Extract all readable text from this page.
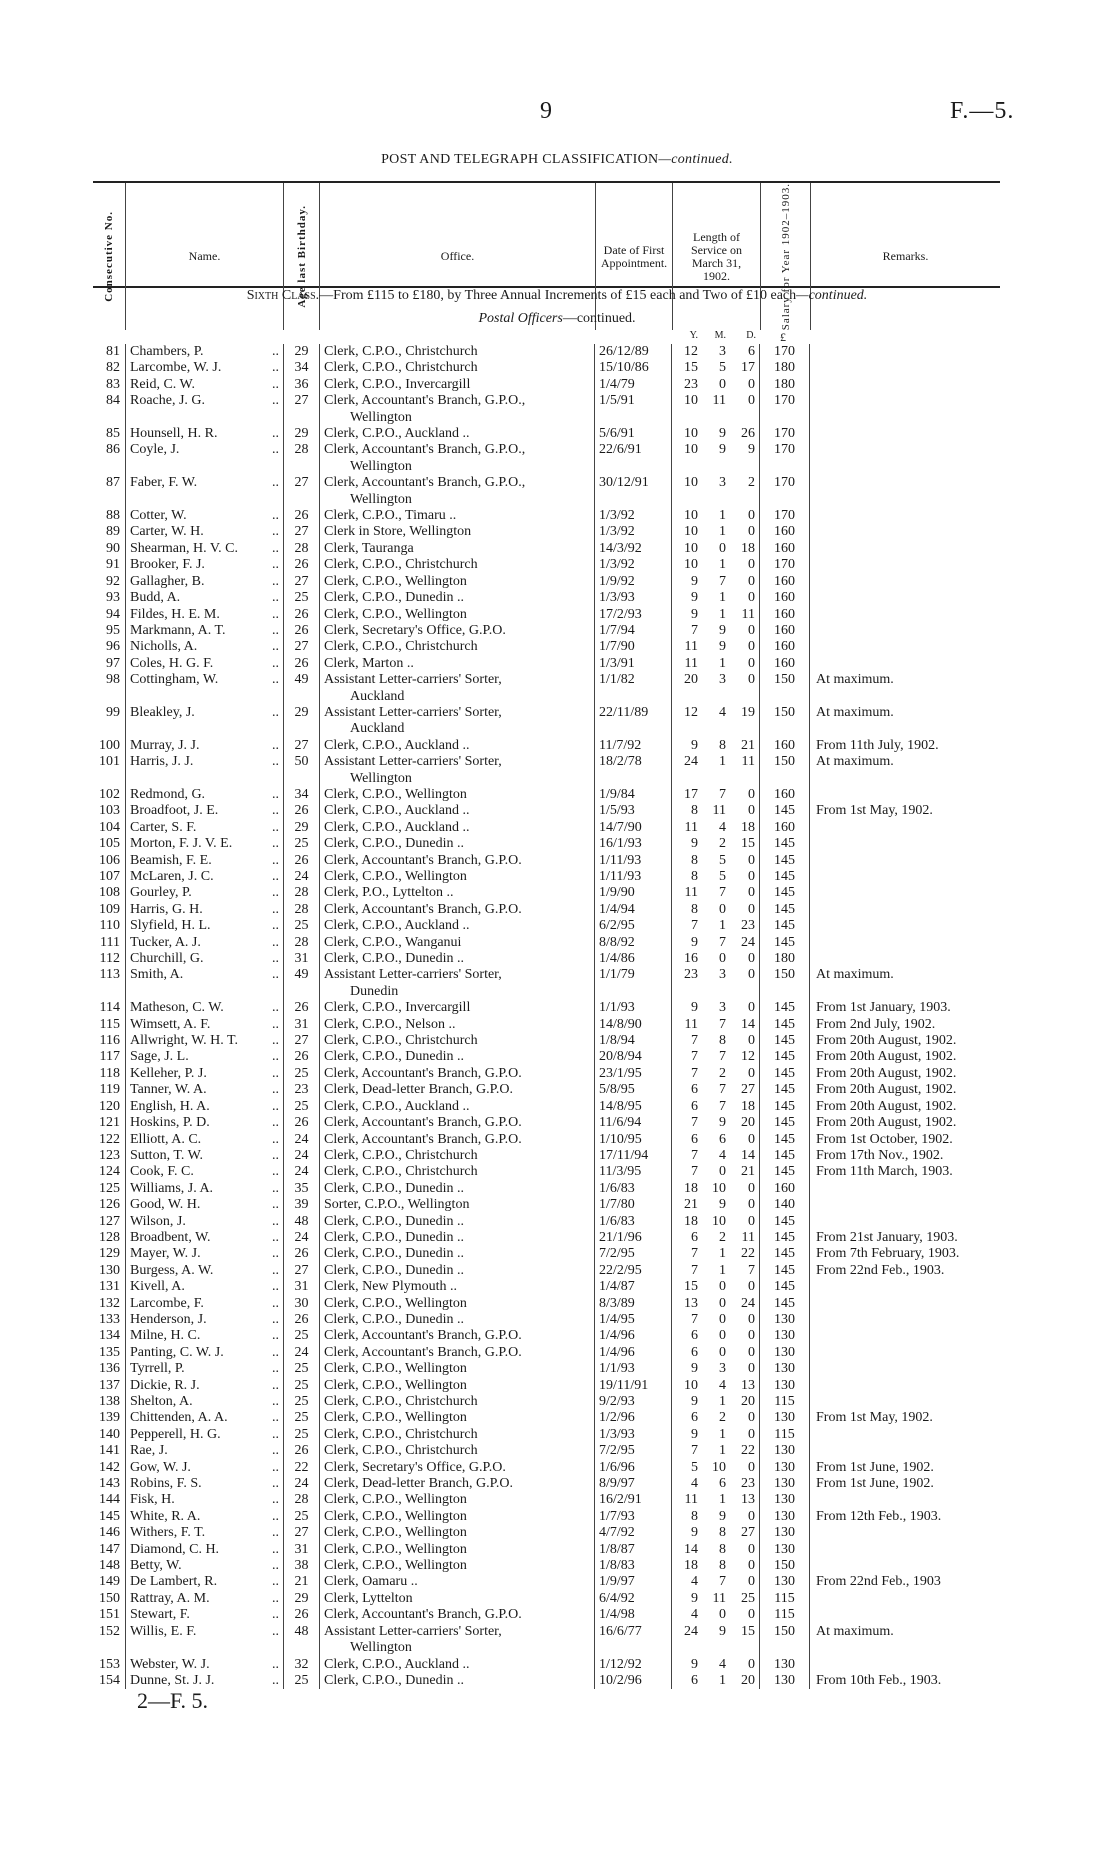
9	F.—5.
POST AND TELEGRAPH CLASSIFICATION—continued.
Consecutive No.	Name.	Age last Birthday.	Office.	Date of First Appointment.
Length of Service on March 31, 1902.	Salary for Year 1902–1903.	Remarks.
Sixth Class.—From £115 to £180, by Three Annual Increments of £15 each and Two of £10 each—continued.
Postal Officers—continued.
Y.	M.	D.	£
81 Chambers, P.	..	29	Clerk, C.P.O., Christchurch	26/12/89	12	3	6	170
82 Larcombe, W. J.	..	34	Clerk, C.P.O., Christchurch	15/10/86	15	5	17	180
83 Reid, C. W.	..	36	Clerk, C.P.O., Invercargill	1/4/79	23	0	0	180
84 Roache, J. G.	..	27	Clerk, Accountant's Branch, G.P.O.,
Wellington
1/5/91	10	11	0	170
85 Hounsell, H. R.	..	29	Clerk, C.P.O., Auckland ..	5/6/91	10	9	26	170
86 Coyle, J.	..	28	Clerk, Accountant's Branch, G.P.O.,
Wellington
22/6/91	10	9	9	170
87 Faber, F. W.	..	27	Clerk, Accountant's Branch, G.P.O.,
Wellington
30/12/91	10	3	2	170
88 Cotter, W.	..	26	Clerk, C.P.O., Timaru ..	1/3/92	10	1	0	170
89 Carter, W. H.	..	27	Clerk in Store, Wellington	1/3/92	10	1	0	160
90 Shearman, H. V. C. ..	28	Clerk, Tauranga	14/3/92	10	0	18	160
91 Brooker, F. J.	..	26	Clerk, C.P.O., Christchurch	1/3/92	10	1	0	170
92 Gallagher, B.	..	27	Clerk, C.P.O., Wellington	1/9/92	9	7	0	160
93 Budd, A.	..	25	Clerk, C.P.O., Dunedin ..	1/3/93	9	1	0	160
94 Fildes, H. E. M.	..	26	Clerk, C.P.O., Wellington	17/2/93	9	1	11	160
95 Markmann, A. T.	..	26	Clerk, Secretary's Office, G.P.O.	1/7/94	7	9	0	160
96 Nicholls, A.	..	27	Clerk, C.P.O., Christchurch	1/7/90	11	9	0	160
97 Coles, H. G. F.	..	26	Clerk, Marton ..	1/3/91	11	1	0	160
98 Cottingham, W.	..	49	Assistant Letter-carriers' Sorter,
Auckland
1/1/82	20	3	0	150	At maximum.
99 Bleakley, J.	..	29	Assistant Letter-carriers' Sorter,
Auckland
22/11/89	12	4	19	150	At maximum.
100 Murray, J. J.	..	27	Clerk, C.P.O., Auckland ..	11/7/92	9	8	21	160	From 11th July, 1902.
101 Harris, J. J.	..	50	Assistant Letter-carriers' Sorter,
Wellington
18/2/78	24	1	11	150	At maximum.
102 Redmond, G.	..	34	Clerk, C.P.O., Wellington	1/9/84	17	7	0	160
103 Broadfoot, J. E.	..	26	Clerk, C.P.O., Auckland ..	1/5/93	8	11	0	145	From 1st May, 1902.
104 Carter, S. F.	..	29	Clerk, C.P.O., Auckland ..	14/7/90	11	4	18	160
105 Morton, F. J. V. E.	..	25	Clerk, C.P.O., Dunedin ..	16/1/93	9	2	15	145
106 Beamish, F. E.	..	26	Clerk, Accountant's Branch, G.P.O.	1/11/93	8	5	0	145
107 McLaren, J. C.	..	24	Clerk, C.P.O., Wellington	1/11/93	8	5	0	145
108 Gourley, P.	..	28	Clerk, P.O., Lyttelton ..	1/9/90	11	7	0	145
109 Harris, G. H.	..	28	Clerk, Accountant's Branch, G.P.O.	1/4/94	8	0	0	145
110 Slyfield, H. L.	..	25	Clerk, C.P.O., Auckland ..	6/2/95	7	1	23	145
111 Tucker, A. J.	..	28	Clerk, C.P.O., Wanganui	8/8/92	9	7	24	145
112 Churchill, G.	..	31	Clerk, C.P.O., Dunedin ..	1/4/86	16	0	0	180
113 Smith, A.	..	49	Assistant Letter-carriers' Sorter,
Dunedin
1/1/79	23	3	0	150	At maximum.
114 Matheson, C. W.	..	26	Clerk, C.P.O., Invercargill	1/1/93	9	3	0	145	From 1st January, 1903.
115 Wimsett, A. F.	..	31	Clerk, C.P.O., Nelson ..	14/8/90	11	7	14	145	From 2nd July, 1902.
116 Allwright, W. H. T. ..	27	Clerk, C.P.O., Christchurch	1/8/94	7	8	0	145	From 20th August, 1902.
117 Sage, J. L.	..	26	Clerk, C.P.O., Dunedin ..	20/8/94	7	7	12	145	From 20th August, 1902.
118 Kelleher, P. J.	..	25	Clerk, Accountant's Branch, G.P.O.	23/1/95	7	2	0	145	From 20th August, 1902.
119 Tanner, W. A.	..	23	Clerk, Dead-letter Branch, G.P.O.	5/8/95	6	7	27	145	From 20th August, 1902.
120 English, H. A.	..	25	Clerk, C.P.O., Auckland ..	14/8/95	6	7	18	145	From 20th August, 1902.
121 Hoskins, P. D.	..	26	Clerk, Accountant's Branch, G.P.O.	11/6/94	7	9	20	145	From 20th August, 1902.
122 Elliott, A. C.	..	24	Clerk, Accountant's Branch, G.P.O.	1/10/95	6	6	0	145	From 1st October, 1902.
123 Sutton, T. W.	..	24	Clerk, C.P.O., Christchurch	17/11/94	7	4	14	145	From 17th Nov., 1902.
124 Cook, F. C.	..	24	Clerk, C.P.O., Christchurch	11/3/95	7	0	21	145	From 11th March, 1903.
125 Williams, J. A.	..	35	Clerk, C.P.O., Dunedin ..	1/6/83	18	10	0	160
126 Good, W. H.	..	39	Sorter, C.P.O., Wellington	1/7/80	21	9	0	140
127 Wilson, J.	..	48	Clerk, C.P.O., Dunedin ..	1/6/83	18	10	0	145
128 Broadbent, W.	..	24	Clerk, C.P.O., Dunedin ..	21/1/96	6	2	11	145	From 21st January, 1903.
129 Mayer, W. J.	..	26	Clerk, C.P.O., Dunedin ..	7/2/95	7	1	22	145	From 7th February, 1903.
130 Burgess, A. W.	..	27	Clerk, C.P.O., Dunedin ..	22/2/95	7	1	7	145	From 22nd Feb., 1903.
131 Kivell, A.	..	31	Clerk, New Plymouth ..	1/4/87	15	0	0	145
132 Larcombe, F.	..	30	Clerk, C.P.O., Wellington	8/3/89	13	0	24	145
133 Henderson, J.	..	26	Clerk, C.P.O., Dunedin ..	1/4/95	7	0	0	130
134 Milne, H. C.	..	25	Clerk, Accountant's Branch, G.P.O.	1/4/96	6	0	0	130
135 Panting, C. W. J.	..	24	Clerk, Accountant's Branch, G.P.O.	1/4/96	6	0	0	130
136 Tyrrell, P.	..	25	Clerk, C.P.O., Wellington	1/1/93	9	3	0	130
137 Dickie, R. J.	..	25	Clerk, C.P.O., Wellington	19/11/91	10	4	13	130
138 Shelton, A.	..	25	Clerk, C.P.O., Christchurch	9/2/93	9	1	20	115
139 Chittenden, A. A.	..	25	Clerk, C.P.O., Wellington	1/2/96	6	2	0	130	From 1st May, 1902.
140 Pepperell, H. G.	..	25	Clerk, C.P.O., Christchurch	1/3/93	9	1	0	115
141 Rae, J.	..	26	Clerk, C.P.O., Christchurch	7/2/95	7	1	22	130
142 Gow, W. J.	..	22	Clerk, Secretary's Office, G.P.O.	1/6/96	5	10	0	130	From 1st June, 1902.
143 Robins, F. S.	..	24	Clerk, Dead-letter Branch, G.P.O.	8/9/97	4	6	23	130	From 1st June, 1902.
144 Fisk, H.	..	28	Clerk, C.P.O., Wellington	16/2/91	11	1	13	130
145 White, R. A.	..	25	Clerk, C.P.O., Wellington	1/7/93	8	9	0	130	From 12th Feb., 1903.
146 Withers, F. T.	..	27	Clerk, C.P.O., Wellington	4/7/92	9	8	27	130
147 Diamond, C. H.	..	31	Clerk, C.P.O., Wellington	1/8/87	14	8	0	130
148 Betty, W.	..	38	Clerk, C.P.O., Wellington	1/8/83	18	8	0	150
149 De Lambert, R.	..	21	Clerk, Oamaru ..	1/9/97	4	7	0	130	From 22nd Feb., 1903
150 Rattray, A. M.	..	29	Clerk, Lyttelton	6/4/92	9	11	25	115
151 Stewart, F.	..	26	Clerk, Accountant's Branch, G.P.O.	1/4/98	4	0	0	115
152 Willis, E. F.	..	48	Assistant Letter-carriers' Sorter,
Wellington
16/6/77	24	9	15	150	At maximum.
153 Webster, W. J.	..	32	Clerk, C.P.O., Auckland ..	1/12/92	9	4	0	130
154 Dunne, St. J. J.	..	25	Clerk, C.P.O., Dunedin ..	10/2/96	6	1	20	130	From 10th Feb., 1903.
2—F. 5.
